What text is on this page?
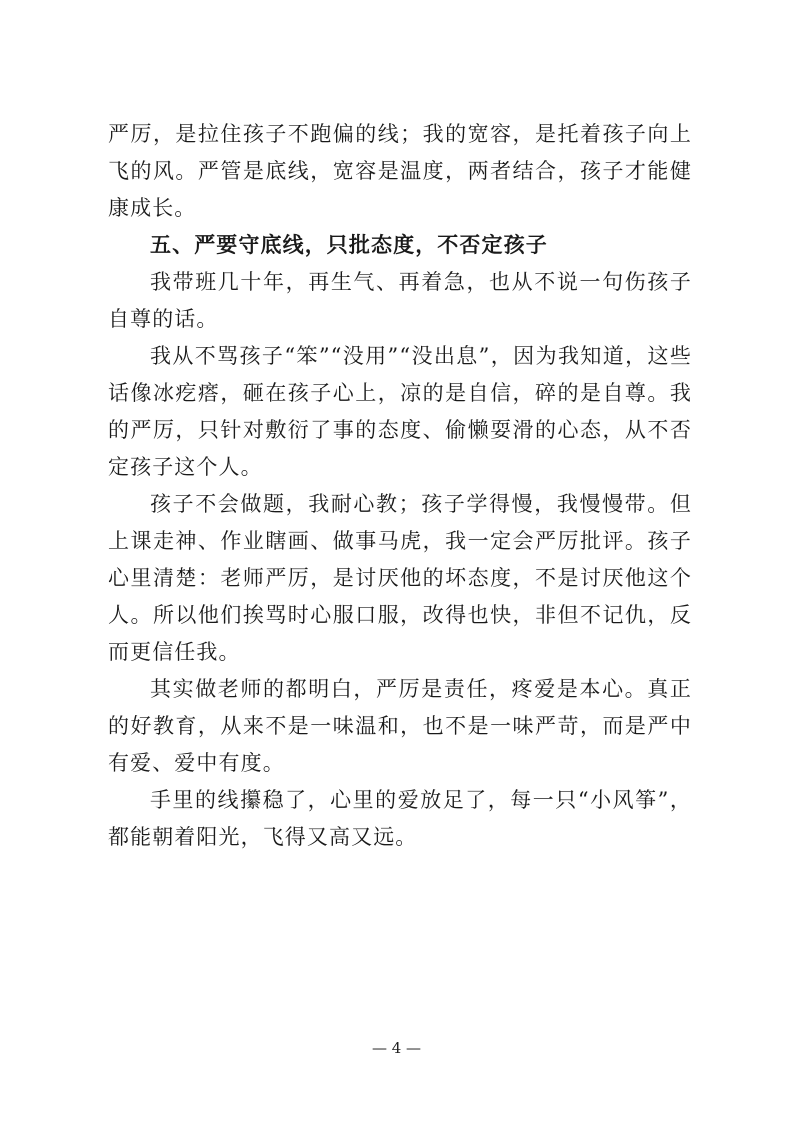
严厉，是拉住孩子不跑偏的线；我的宽容，是托着孩子向上飞的风。严管是底线，宽容是温度，两者结合，孩子才能健康成长。

五、严要守底线，只批态度，不否定孩子

我带班几十年，再生气、再着急，也从不说一句伤孩子自尊的话。

我从不骂孩子“笨”“没用”“没出息”，因为我知道，这些话像冰疙瘩，砸在孩子心上，凉的是自信，碎的是自尊。我的严厉，只针对敷衍了事的态度、偷懒耍滑的心态，从不否定孩子这个人。

孩子不会做题，我耐心教；孩子学得慢，我慢慢带。但上课走神、作业瞎画、做事马虎，我一定会严厉批评。孩子心里清楚：老师严厉，是讨厌他的坏态度，不是讨厌他这个人。所以他们挨骂时心服口服，改得也快，非但不记仇，反而更信任我。

其实做老师的都明白，严厉是责任，疼爱是本心。真正的好教育，从来不是一味温和，也不是一味严苛，而是严中有爱、爱中有度。

手里的线攥稳了，心里的爱放足了，每一只“小风筝”，都能朝着阳光，飞得又高又远。

— 4 —
